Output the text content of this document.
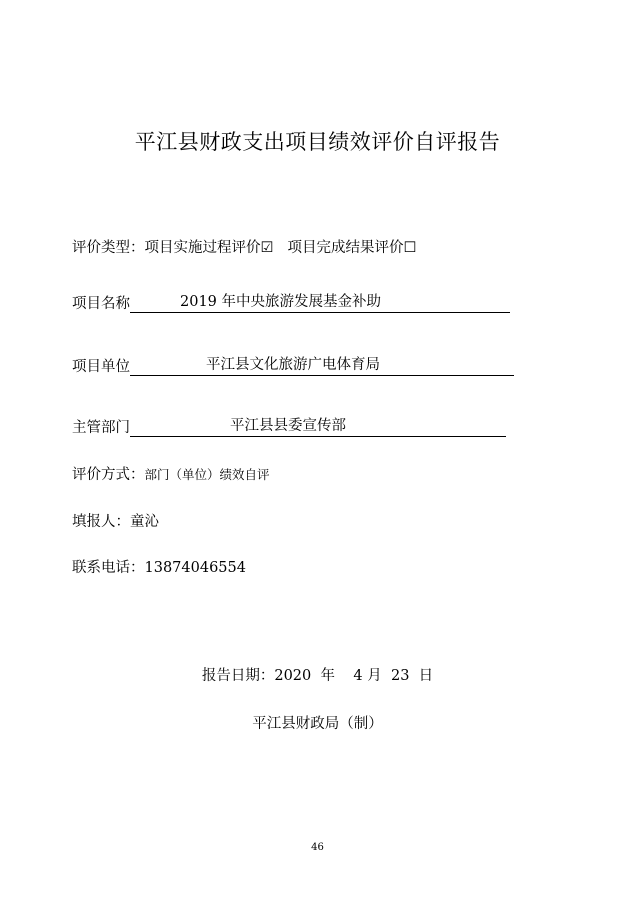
平江县财政支出项目绩效评价自评报告
评价类型：项目实施过程评价☑ 项目完成结果评价☐
项目名称	2019 年中央旅游发展基金补助
项目单位	平江县文化旅游广电体育局
主管部门	平江县县委宣传部
评价方式：部门（单位）绩效自评
填报人：童沁
联系电话：13874046554
报告日期：2020  年    4 月  23  日
平江县财政局（制）
46
